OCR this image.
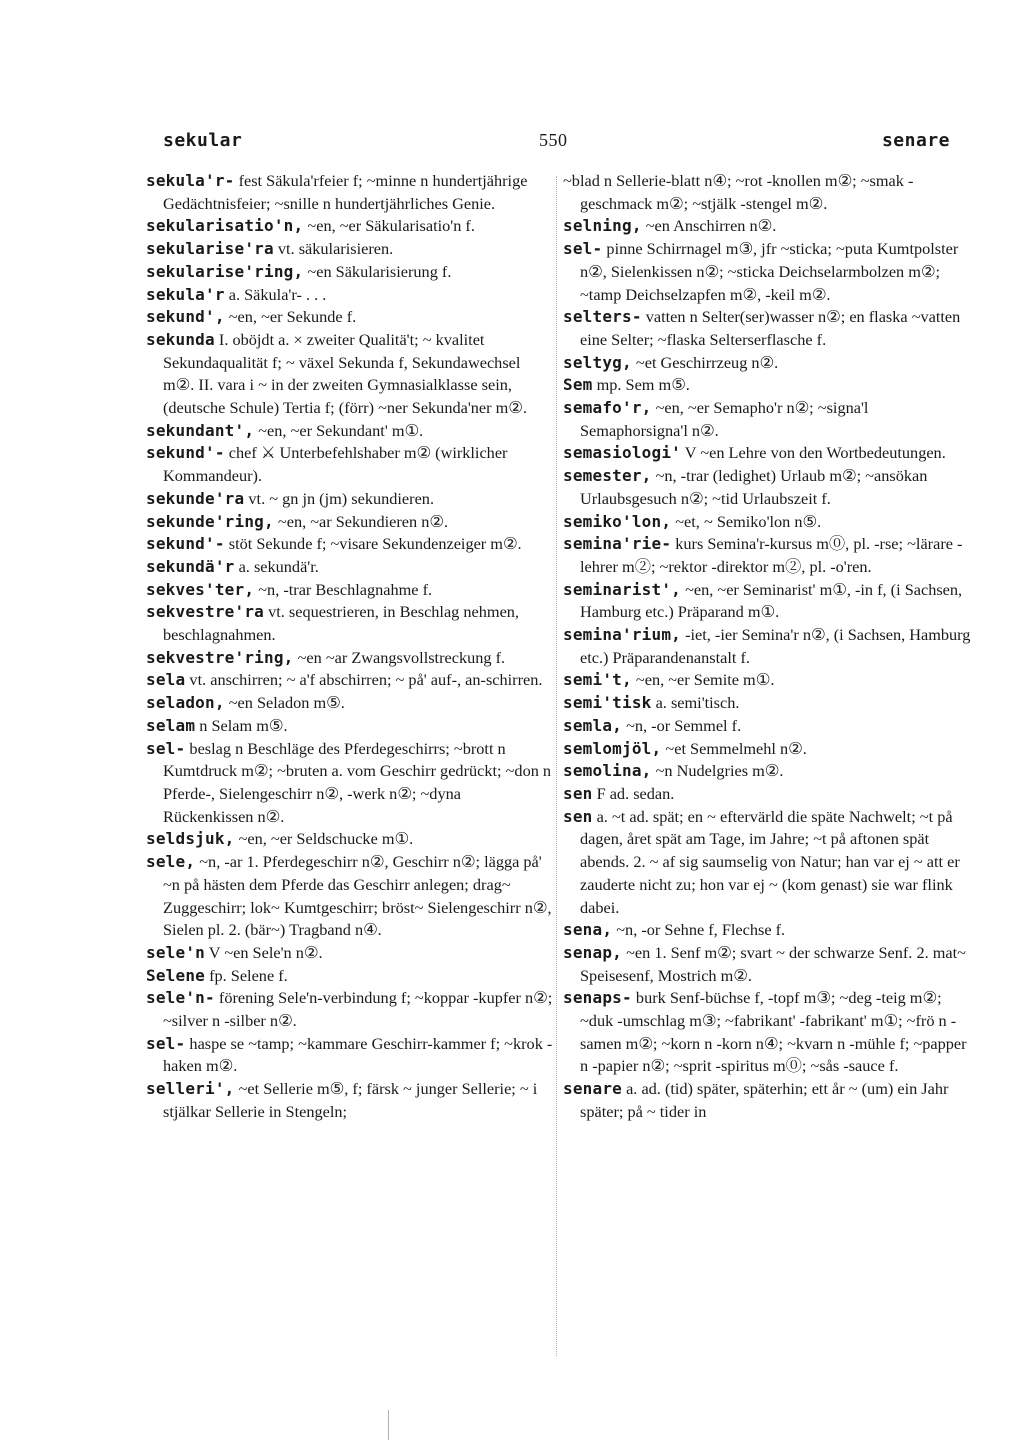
sekular	550	senare

sekula'r- fest Säkula'rfeier f; ~minne n hundertjährige Gedächtnisfeier; ~snille n hundertjährliches Genie.

sekularisatio'n, ~en, ~er Säkularisatio'n f.

sekularise'ra vt. säkularisieren.

sekularise'ring, ~en Säkularisierung f.

sekula'r a. Säkula'r- . . .

sekund', ~en, ~er Sekunde f.

sekunda I. oböjdt a. × zweiter Qualitä't; ~ kvalitet Sekundaqualität f; ~ växel Sekunda f, Sekundawechsel m②. II. vara i ~ in der zweiten Gymnasialklasse sein, (deutsche Schule) Tertia f; (förr) ~ner Sekunda'ner m②.

sekundant', ~en, ~er Sekundant' m①.

sekund'- chef ⚔ Unterbefehlshaber m② (wirklicher Kommandeur).

sekunde'ra vt. ~ gn jn (jm) sekundieren.

sekunde'ring, ~en, ~ar Sekundieren n②.

sekund'- stöt Sekunde f; ~visare Sekundenzeiger m②.

sekundä'r a. sekundä'r.

sekves'ter, ~n, -trar Beschlagnahme f.

sekvestre'ra vt. sequestrieren, in Beschlag nehmen, beschlagnahmen.

sekvestre'ring, ~en ~ar Zwangsvollstreckung f.

sela vt. anschirren; ~ a'f abschirren; ~ på' auf-, an-schirren.

seladon, ~en Seladon m⑤.

selam n Selam m⑤.

sel- beslag n Beschläge des Pferdegeschirrs; ~brott n Kumtdruck m②; ~bruten a. vom Geschirr gedrückt; ~don n Pferde-, Sielengeschirr n②, -werk n②; ~dyna Rückenkissen n②.

seldsjuk, ~en, ~er Seldschucke m①.

sele, ~n, -ar 1. Pferdegeschirr n②, Geschirr n②; lägga på' ~n på hästen dem Pferde das Geschirr anlegen; drag~ Zuggeschirr; lok~ Kumtgeschirr; bröst~ Sielengeschirr n②, Sielen pl. 2. (bär~) Tragband n④.

sele'n V ~en Sele'n n②.

Selene fp. Selene f.

sele'n- förening Sele'n-verbindung f; ~koppar -kupfer n②; ~silver n -silber n②.

sel- haspe se ~tamp; ~kammare Geschirr-kammer f; ~krok -haken m②.

selleri', ~et Sellerie m⑤, f; färsk ~ junger Sellerie; ~ i stjälkar Sellerie in Stengeln;

~blad n Sellerie-blatt n④; ~rot -knollen m②; ~smak -geschmack m②; ~stjälk -stengel m②.

selning, ~en Anschirren n②.

sel- pinne Schirrnagel m③, jfr ~sticka; ~puta Kumtpolster n②, Sielenkissen n②; ~sticka Deichselarmbolzen m②; ~tamp Deichselzapfen m②, -keil m②.

selters- vatten n Selter(ser)wasser n②; en flaska ~vatten eine Selter; ~flaska Selterserflasche f.

seltyg, ~et Geschirrzeug n②.

Sem mp. Sem m⑤.

semafo'r, ~en, ~er Semapho'r n②; ~signa'l Semaphorsigna'l n②.

semasiologi' V ~en Lehre von den Wortbedeutungen.

semester, ~n, -trar (ledighet) Urlaub m②; ~ansökan Urlaubsgesuch n②; ~tid Urlaubszeit f.

semiko'lon, ~et, ~ Semiko'lon n⑤.

semina'rie- kurs Semina'r-kursus m⓪, pl. -rse; ~lärare -lehrer m②; ~rektor -direktor m②, pl. -o'ren.

seminarist', ~en, ~er Seminarist' m①, -in f, (i Sachsen, Hamburg etc.) Präparand m①.

semina'rium, -iet, -ier Semina'r n②, (i Sachsen, Hamburg etc.) Präparandenanstalt f.

semi't, ~en, ~er Semite m①.

semi'tisk a. semi'tisch.

semla, ~n, -or Semmel f.

semlomjöl, ~et Semmelmehl n②.

semolina, ~n Nudelgries m②.

sen F ad. sedan.

sen a. ~t ad. spät; en ~ eftervärld die späte Nachwelt; ~t på dagen, året spät am Tage, im Jahre; ~t på aftonen spät abends. 2. ~ af sig saumselig von Natur; han var ej ~ att er zauderte nicht zu; hon var ej ~ (kom genast) sie war flink dabei.

sena, ~n, -or Sehne f, Flechse f.

senap, ~en 1. Senf m②; svart ~ der schwarze Senf. 2. mat~ Speisesenf, Mostrich m②.

senaps- burk Senf-büchse f, -topf m③; ~deg -teig m②; ~duk -umschlag m③; ~fabrikant' -fabrikant' m①; ~frö n -samen m②; ~korn n -korn n④; ~kvarn n -mühle f; ~papper n -papier n②; ~sprit -spiritus m⓪; ~sås -sauce f.

senare a. ad. (tid) später, späterhin; ett år ~ (um) ein Jahr später; på ~ tider in
